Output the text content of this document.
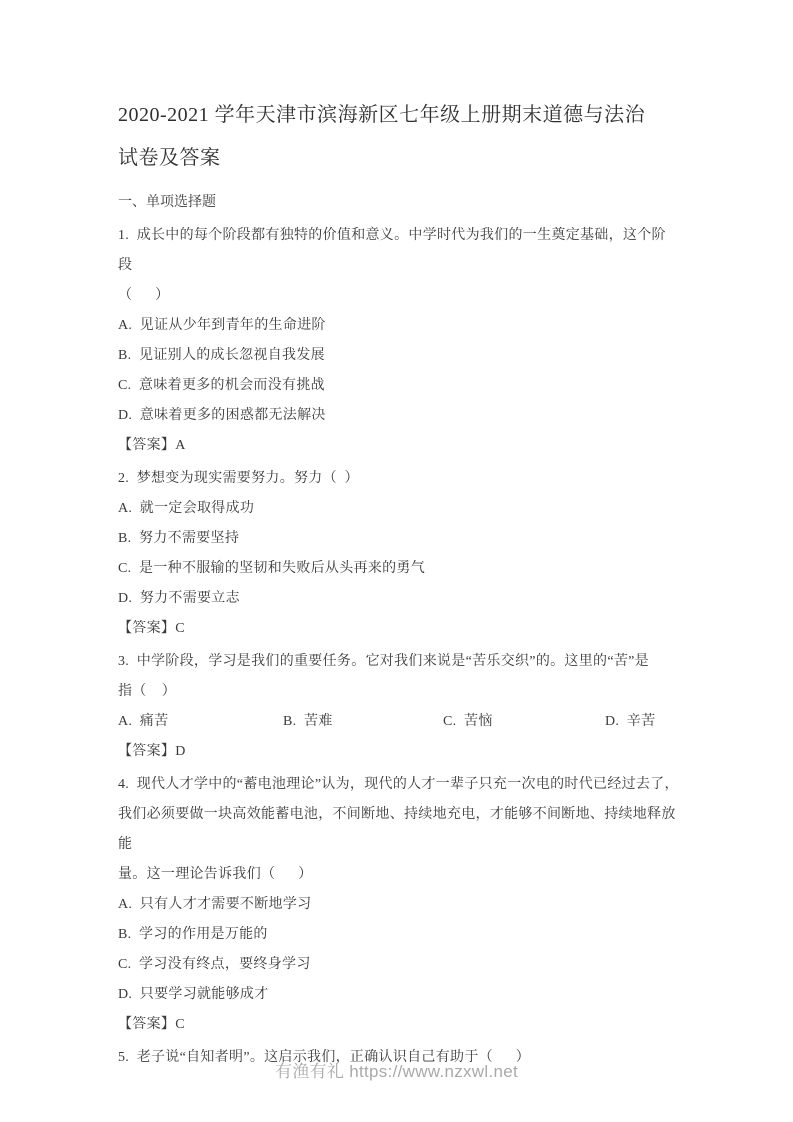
2020-2021 学年天津市滨海新区七年级上册期末道德与法治
试卷及答案
一、单项选择题
1.  成长中的每个阶段都有独特的价值和意义。中学时代为我们的一生奠定基础，这个阶段
（      ）
A.  见证从少年到青年的生命进阶
B.  见证别人的成长忽视自我发展
C.  意味着更多的机会而没有挑战
D.  意味着更多的困惑都无法解决
【答案】A
2.  梦想变为现实需要努力。努力（  ）
A.  就一定会取得成功
B.  努力不需要坚持
C.  是一种不服输的坚韧和失败后从头再来的勇气
D.  努力不需要立志
【答案】C
3.  中学阶段，学习是我们的重要任务。它对我们来说是“苦乐交织”的。这里的“苦”是
指（    ）
A.  痛苦	B.  苦难	C.  苦恼	D.  辛苦
【答案】D
4.  现代人才学中的“蓄电池理论”认为，现代的人才一辈子只充一次电的时代已经过去了，
我们必须要做一块高效能蓄电池，不间断地、持续地充电，才能够不间断地、持续地释放能
量。这一理论告诉我们（      ）
A.  只有人才才需要不断地学习
B.  学习的作用是万能的
C.  学习没有终点，要终身学习
D.  只要学习就能够成才
【答案】C
5.  老子说“自知者明”。这启示我们，正确认识自己有助于（      ）
有渔有礼 https://www.nzxwl.net
